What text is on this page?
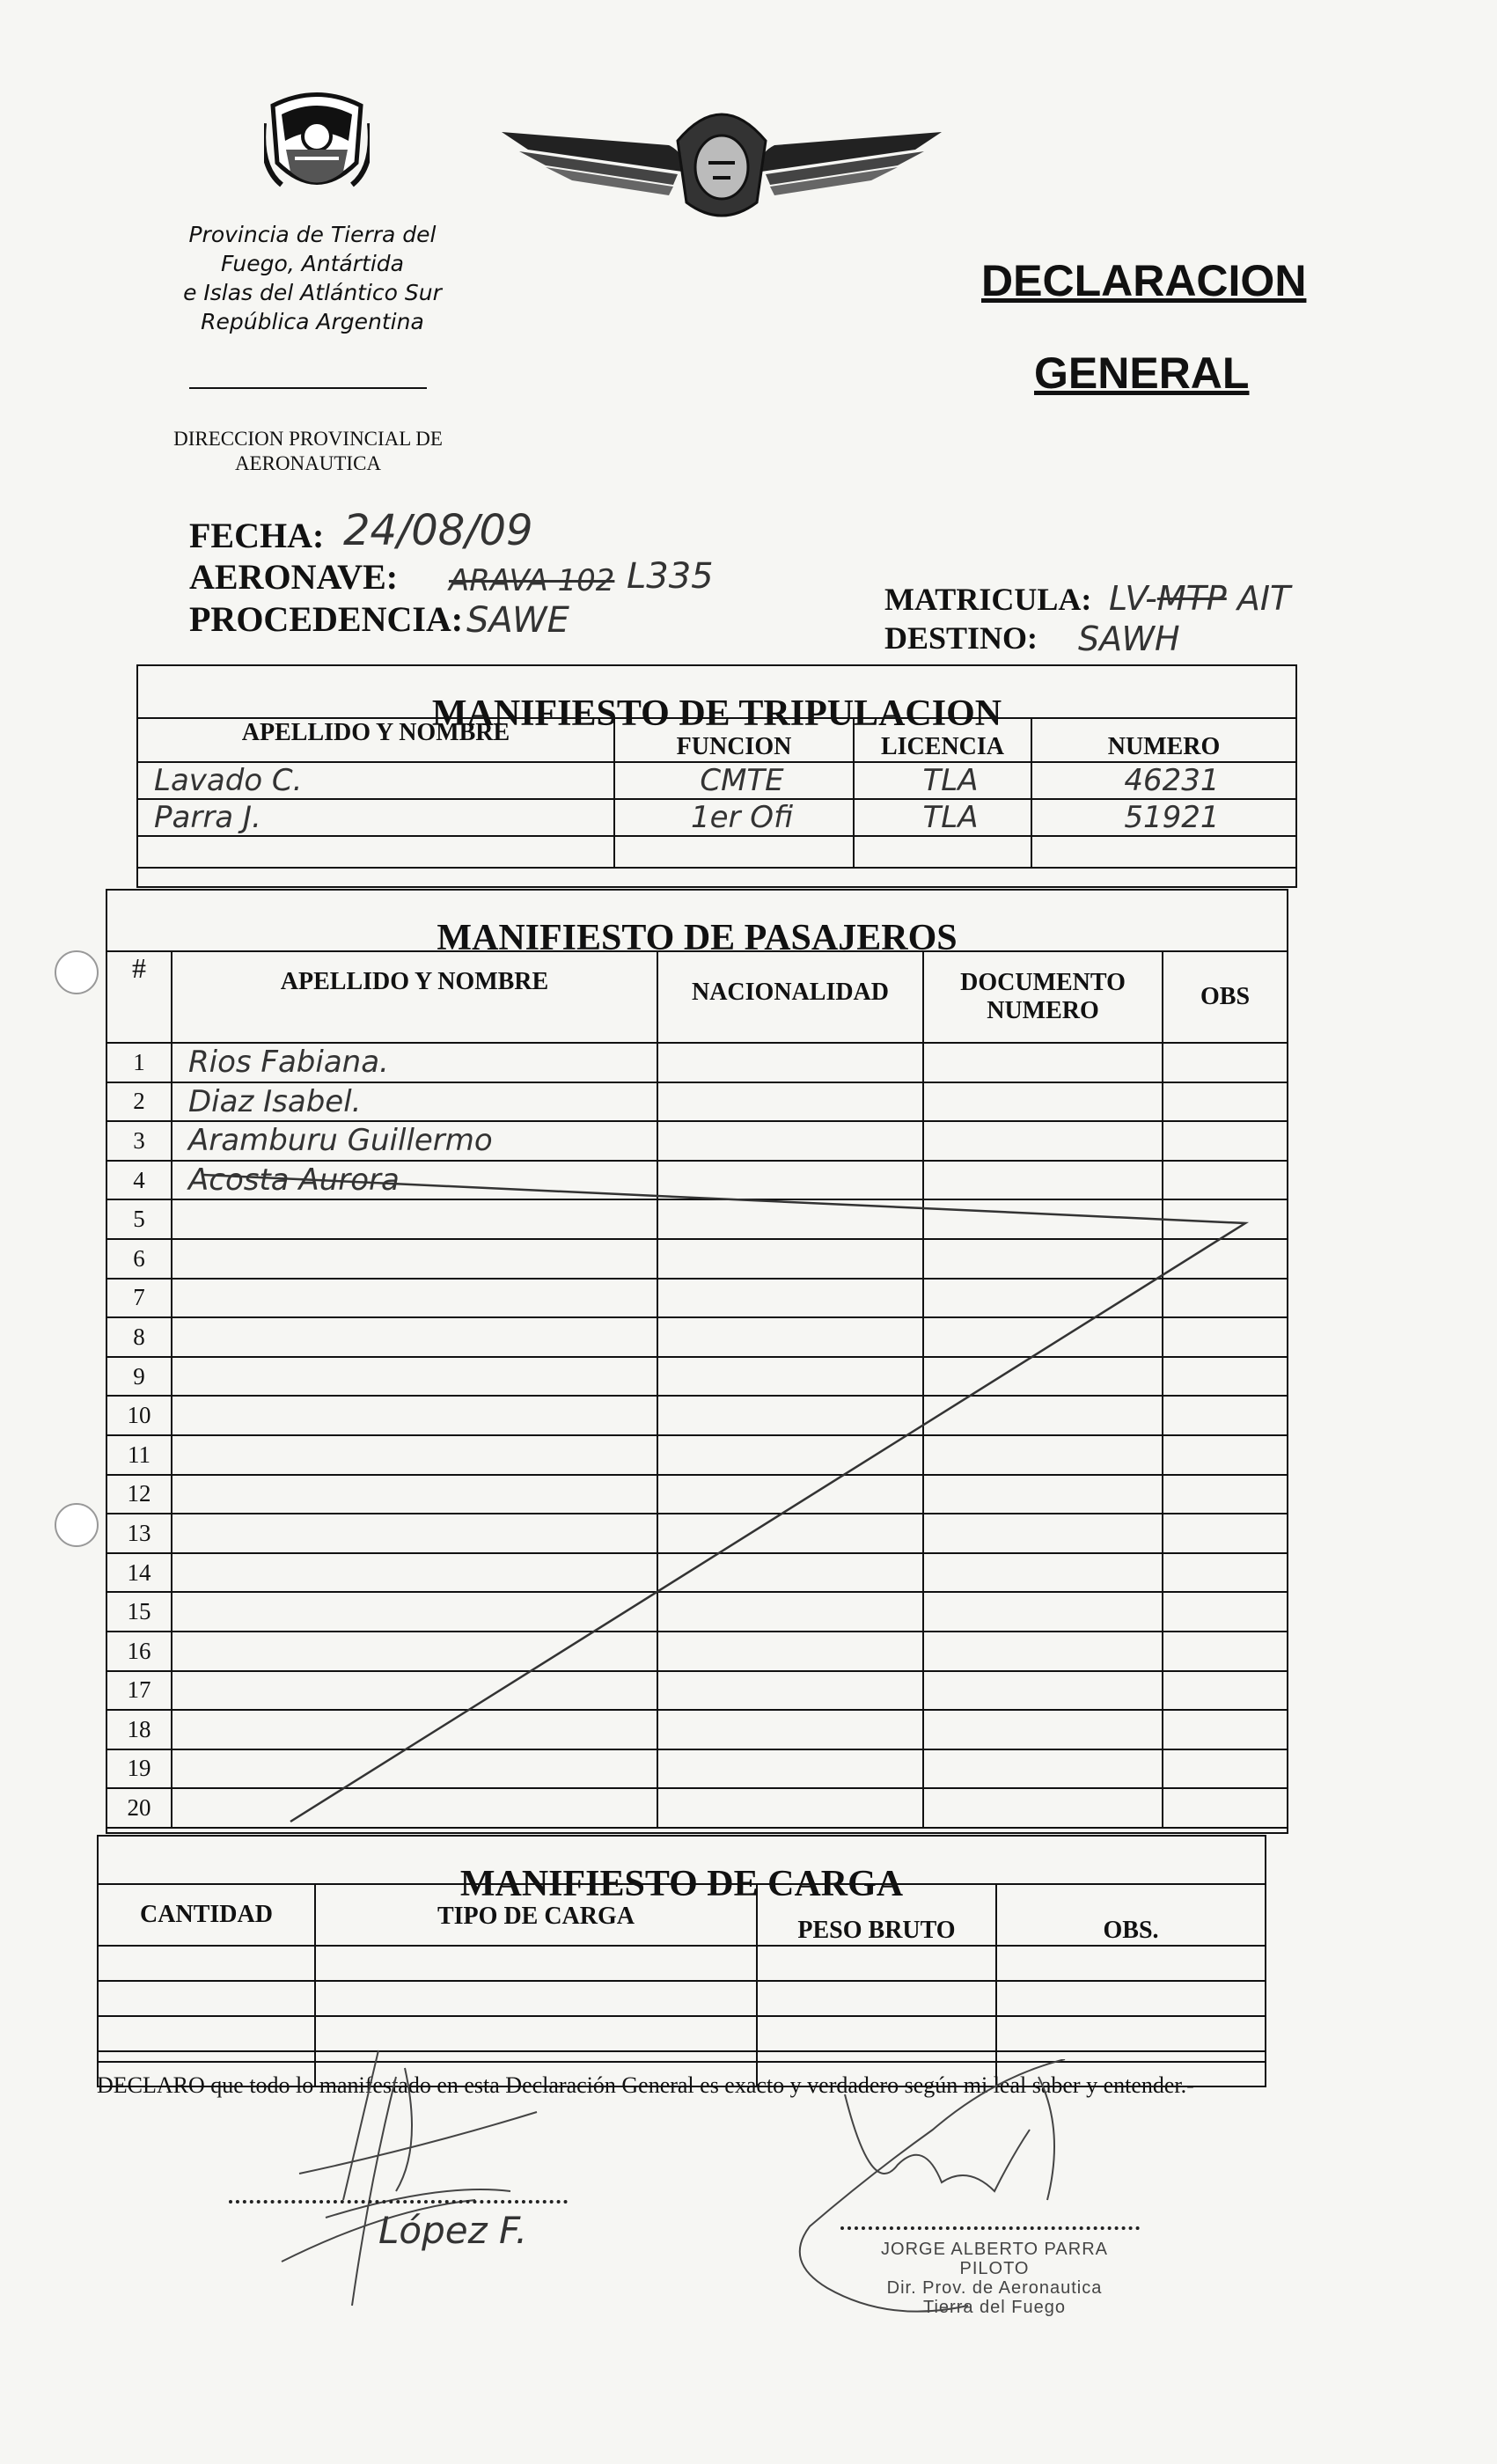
Provincia de Tierra del
Fuego, Antártida
e Islas del Atlántico Sur
República Argentina
DIRECCION PROVINCIAL DE
AERONAUTICA
DECLARACION
GENERAL
FECHA: 24/08/09
AERONAVE: ARAVA 102 L335
PROCEDENCIA: SAWE
MATRICULA: LV-MTP AIT
DESTINO: SAWH
MANIFIESTO DE TRIPULACION
APELLIDO Y NOMBRE	FUNCION	LICENCIA	NUMERO
Lavado C.	CMTE	TLA	46231
Parra J.	1er Ofi	TLA	51921

MANIFIESTO DE PASAJEROS
#	APELLIDO Y NOMBRE	NACIONALIDAD	DOCUMENTO NUMERO	OBS
1	Rios Fabiana.			
2	Diaz Isabel.			
3	Aramburu Guillermo			
4	Acosta Aurora			
5				
6				
7				
8				
9				
10				
11				
12				
13				
14				
15				
16				
17				
18				
19				
20				
MANIFIESTO DE CARGA
CANTIDAD	TIPO DE CARGA	PESO BRUTO	OBS.

DECLARO que todo lo manifestado en esta Declaración General es exacto y verdadero según mi leal saber y entender.-
López F.	JORGE ALBERTO PARRA
PILOTO
Dir. Prov. de Aeronautica
Tierra del Fuego
